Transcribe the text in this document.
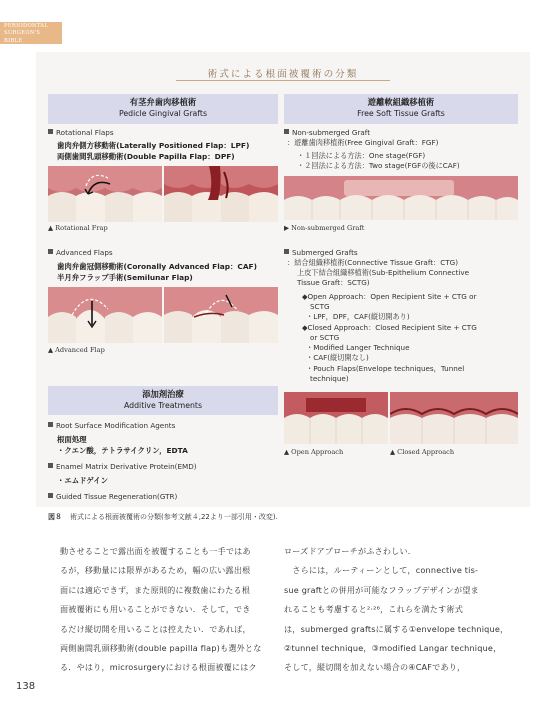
PERIODONTAL
SURGEON'S
BIBLE
術式による根面被覆術の分類
有茎弁歯肉移植術
Pedicle Gingival Grafts
Rotational Flaps
歯肉弁側方移動術(Laterally Positioned Flap：LPF)
両側歯間乳頭移動術(Double Papilla Flap：DPF)
▲ Rotational Frap
Advanced Flaps
歯肉弁歯冠側移動術(Coronally Advanced Flap：CAF)
半月弁フラップ手術(Semilunar Flap)
▲ Advanced Flap
添加剤治療
Additive Treatments
Root Surface Modification Agents
根面処理
・クエン酸，テトラサイクリン，EDTA
Enamel Matrix Derivative Protein(EMD)
・エムドゲイン
Guided Tissue Regeneration(GTR)
遊離軟組織移植術
Free Soft Tissue Grafts
Non-submerged Graft
：遊離歯肉移植術(Free Gingival Graft：FGF)
・１回法による方法：One stage(FGF)
・２回法による方法：Two stage(FGFの後にCAF)
▶ Non-submerged Graft
Submerged Grafts
：結合組織移植術(Connective Tissue Graft：CTG)
上皮下結合組織移植術(Sub-Epithelium Connective
Tissue Graft：SCTG)
◆Open Approach：Open Recipient Site + CTG or
SCTG
・LPF，DPF，CAF(縦切開あり)
◆Closed Approach：Closed Recipient Site + CTG
or SCTG
・Modified Langer Technique
・CAF(縦切開なし)
・Pouch Flaps(Envelope techniques，Tunnel
technique)
▲ Open Approach	▲ Closed Approach
図８ 術式による根面被覆術の分類(参考文献４,22より一部引用・改変).
動させることで露出面を被覆することも一手ではあ
るが，移動量には限界があるため，幅の広い露出根
面には適応できず，また原則的に複数歯にわたる根
面被覆術にも用いることができない．そして，でき
るだけ縦切開を用いることは控えたい．であれば，
両側歯間乳頭移動術(double papilla flap)も選外とな
る．やはり，microsurgeryにおける根面被覆にはク
ローズドアプローチがふさわしい．
　さらには，ルーティーンとして，connective tis-
sue graftとの併用が可能なフラップデザインが望ま
れることも考慮すると²·²⁶，これらを満たす術式
は，submerged graftsに属する①envelope technique，
②tunnel technique，③modified Langar technique，
そして，縦切開を加えない場合の④CAFであり，
138
